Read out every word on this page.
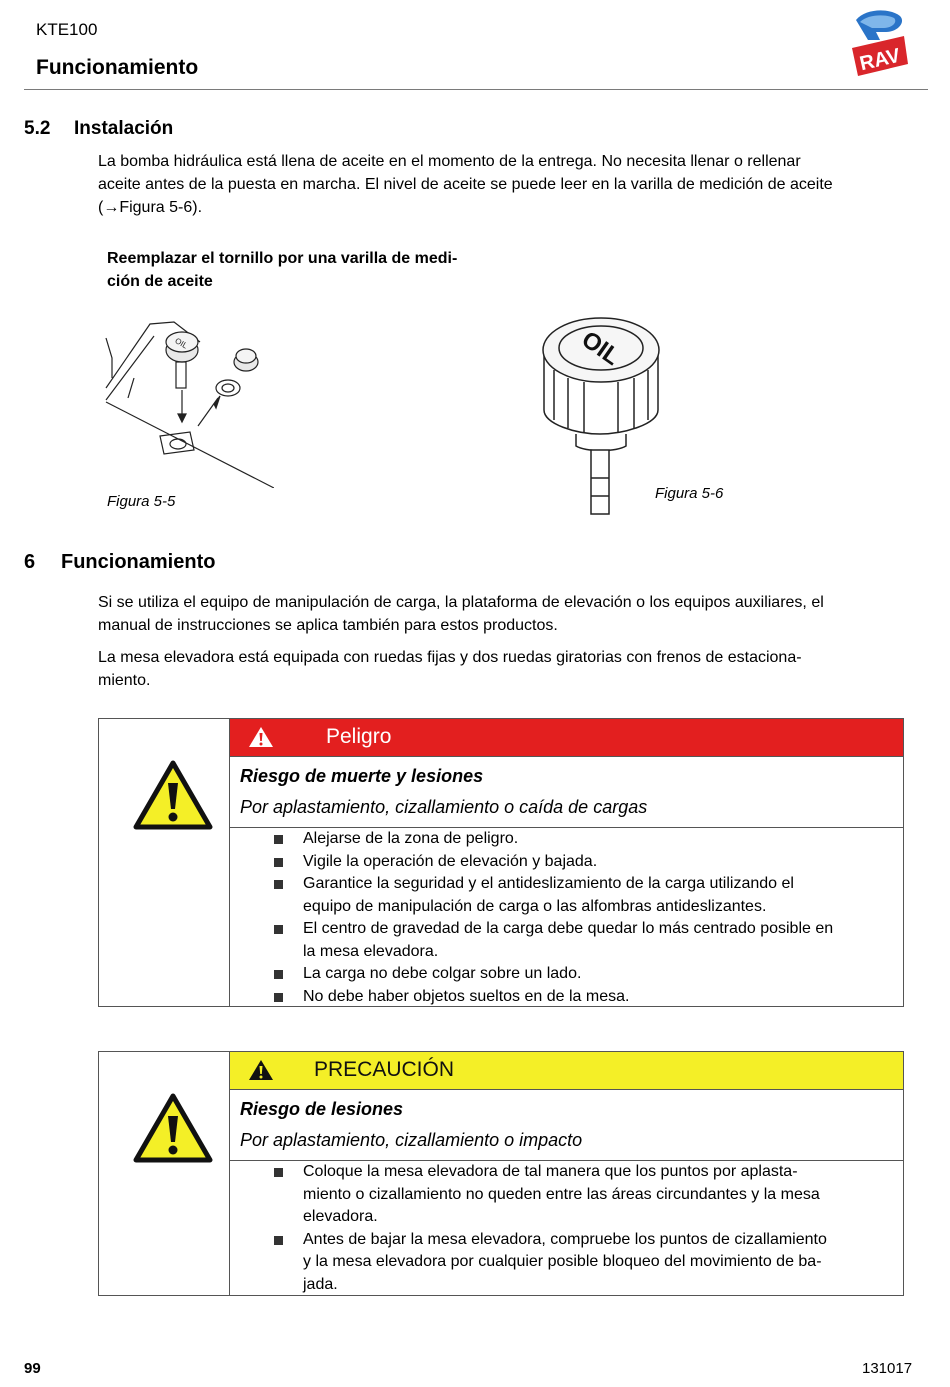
KTE100
Funcionamiento	RAV
5.2 Instalación
La bomba hidráulica está llena de aceite en el momento de la entrega. No necesita llenar o rellenar
aceite antes de la puesta en marcha. El nivel de aceite se puede leer en la varilla de medición de aceite
(→Figura 5-6).
Reemplazar el tornillo por una varilla de medi-
ción de aceite
OIL
Figura 5-5
OIL
Figura 5-6
6 Funcionamiento
Si se utiliza el equipo de manipulación de carga, la plataforma de elevación o los equipos auxiliares, el
manual de instrucciones se aplica también para estos productos.
La mesa elevadora está equipada con ruedas fijas y dos ruedas giratorias con frenos de estaciona-
miento.
Peligro
Riesgo de muerte y lesiones
Por aplastamiento, cizallamiento o caída de cargas
Alejarse de la zona de peligro.
Vigile la operación de elevación y bajada.
Garantice la seguridad y el antideslizamiento de la carga utilizando el
equipo de manipulación de carga o las alfombras antideslizantes.
El centro de gravedad de la carga debe quedar lo más centrado posible en
la mesa elevadora.
La carga no debe colgar sobre un lado.
No debe haber objetos sueltos en de la mesa.
PRECAUCIÓN
Riesgo de lesiones
Por aplastamiento, cizallamiento o impacto
Coloque la mesa elevadora de tal manera que los puntos por aplasta-
miento o cizallamiento no queden entre las áreas circundantes y la mesa
elevadora.
Antes de bajar la mesa elevadora, compruebe los puntos de cizallamiento
y la mesa elevadora por cualquier posible bloqueo del movimiento de ba-
jada.
99	131017
